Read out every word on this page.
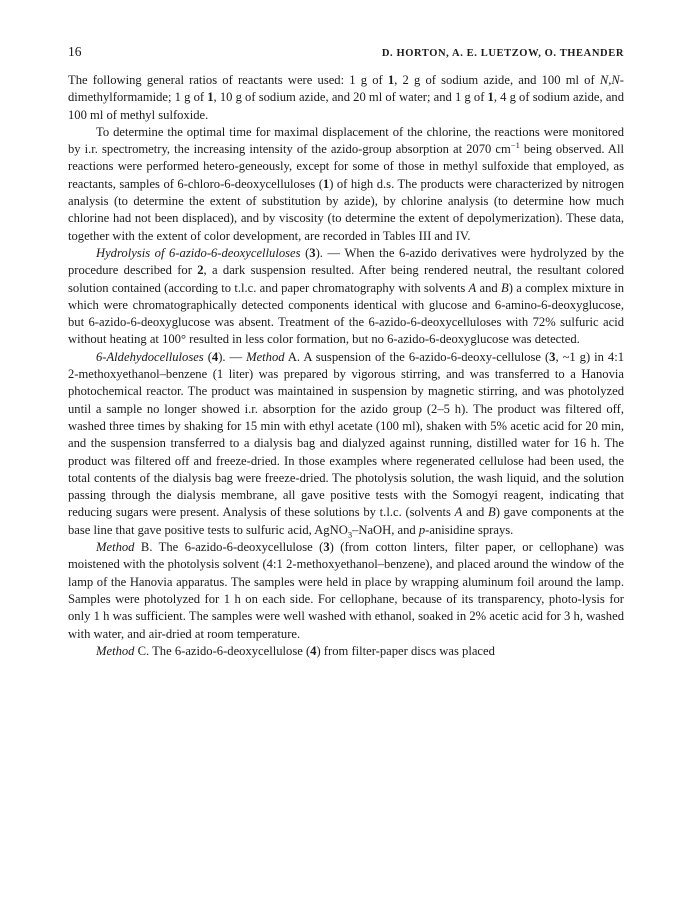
16	D. HORTON, A. E. LUETZOW, O. THEANDER

The following general ratios of reactants were used: 1 g of 1, 2 g of sodium azide, and 100 ml of N,N-dimethylformamide; 1 g of 1, 10 g of sodium azide, and 20 ml of water; and 1 g of 1, 4 g of sodium azide, and 100 ml of methyl sulfoxide.

To determine the optimal time for maximal displacement of the chlorine, the reactions were monitored by i.r. spectrometry, the increasing intensity of the azido-group absorption at 2070 $cm^{-1}$ being observed. All reactions were performed hetero-geneously, except for some of those in methyl sulfoxide that employed, as reactants, samples of 6-chloro-6-deoxycelluloses (1) of high d.s. The products were characterized by nitrogen analysis (to determine the extent of substitution by azide), by chlorine analysis (to determine how much chlorine had not been displaced), and by viscosity (to determine the extent of depolymerization). These data, together with the extent of color development, are recorded in Tables III and IV.

Hydrolysis of 6-azido-6-deoxycelluloses (3). — When the 6-azido derivatives were hydrolyzed by the procedure described for 2, a dark suspension resulted. After being rendered neutral, the resultant colored solution contained (according to t.l.c. and paper chromatography with solvents A and B) a complex mixture in which were chromatographically detected components identical with glucose and 6-amino-6-deoxyglucose, but 6-azido-6-deoxyglucose was absent. Treatment of the 6-azido-6-deoxycelluloses with 72% sulfuric acid without heating at 100° resulted in less color formation, but no 6-azido-6-deoxyglucose was detected.

6-Aldehydocelluloses (4). — Method A. A suspension of the 6-azido-6-deoxy-cellulose (3, ~1 g) in 4:1 2-methoxyethanol–benzene (1 liter) was prepared by vigorous stirring, and was transferred to a Hanovia photochemical reactor. The product was maintained in suspension by magnetic stirring, and was photolyzed until a sample no longer showed i.r. absorption for the azido group (2–5 h). The product was filtered off, washed three times by shaking for 15 min with ethyl acetate (100 ml), shaken with 5% acetic acid for 20 min, and the suspension transferred to a dialysis bag and dialyzed against running, distilled water for 16 h. The product was filtered off and freeze-dried. In those examples where regenerated cellulose had been used, the total contents of the dialysis bag were freeze-dried. The photolysis solution, the wash liquid, and the solution passing through the dialysis membrane, all gave positive tests with the Somogyi reagent, indicating that reducing sugars were present. Analysis of these solutions by t.l.c. (solvents A and B) gave components at the base line that gave positive tests to sulfuric acid, AgNO$_3$–NaOH, and p-anisidine sprays.

Method B. The 6-azido-6-deoxycellulose (3) (from cotton linters, filter paper, or cellophane) was moistened with the photolysis solvent (4:1 2-methoxyethanol–benzene), and placed around the window of the lamp of the Hanovia apparatus. The samples were held in place by wrapping aluminum foil around the lamp. Samples were photolyzed for 1 h on each side. For cellophane, because of its transparency, photo-lysis for only 1 h was sufficient. The samples were well washed with ethanol, soaked in 2% acetic acid for 3 h, washed with water, and air-dried at room temperature.

Method C. The 6-azido-6-deoxycellulose (4) from filter-paper discs was placed
